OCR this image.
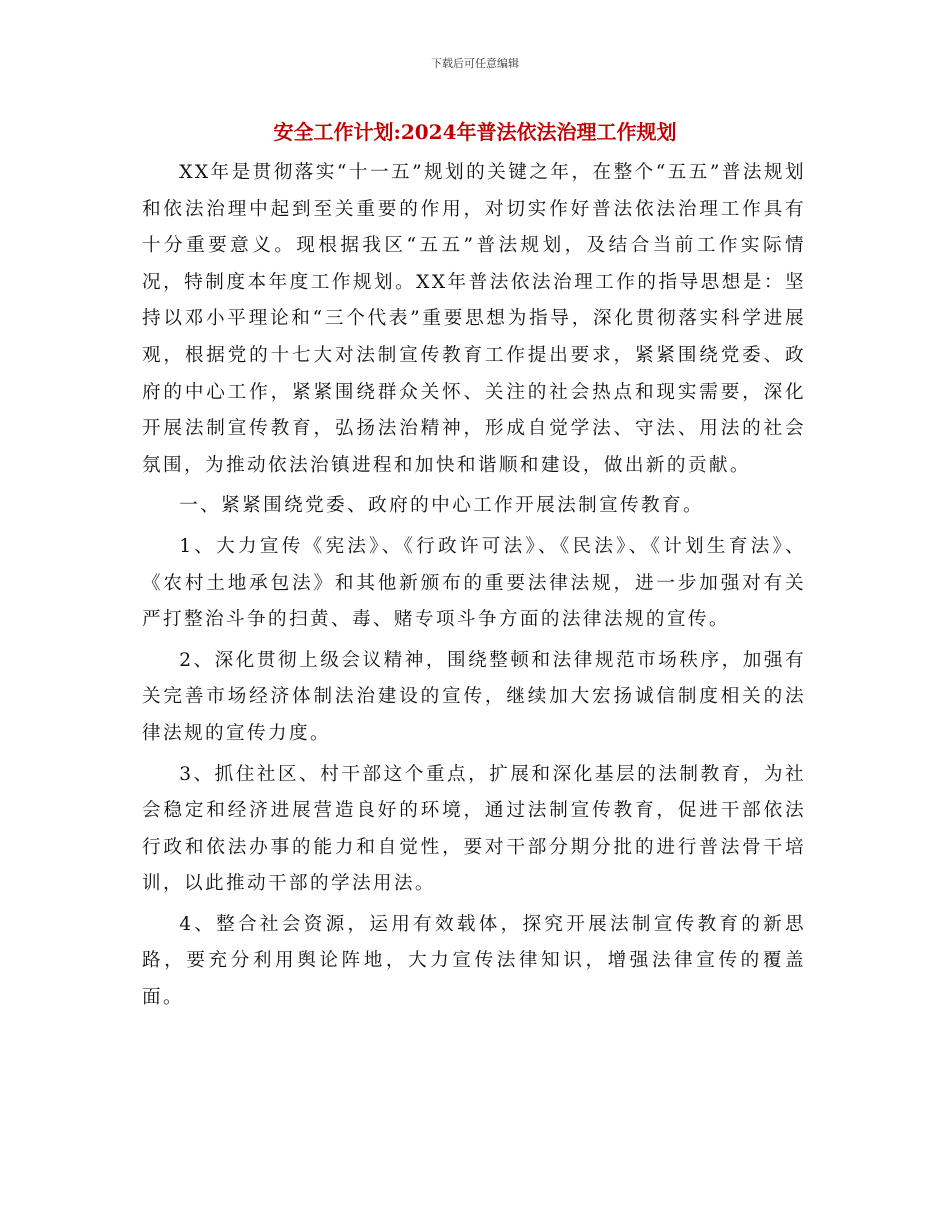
下载后可任意编辑
安全工作计划:2024年普法依法治理工作规划

XX年是贯彻落实“十一五”规划的关键之年，在整个“五五”普法规划和依法治理中起到至关重要的作用，对切实作好普法依法治理工作具有十分重要意义。现根据我区“五五”普法规划，及结合当前工作实际情况，特制度本年度工作规划。XX年普法依法治理工作的指导思想是：坚持以邓小平理论和“三个代表”重要思想为指导，深化贯彻落实科学进展观，根据党的十七大对法制宣传教育工作提出要求，紧紧围绕党委、政府的中心工作，紧紧围绕群众关怀、关注的社会热点和现实需要，深化开展法制宣传教育，弘扬法治精神，形成自觉学法、守法、用法的社会氛围，为推动依法治镇进程和加快和谐顺和建设，做出新的贡献。

一、紧紧围绕党委、政府的中心工作开展法制宣传教育。

1、大力宣传《宪法》、《行政许可法》、《民法》、《计划生育法》、《农村土地承包法》和其他新颁布的重要法律法规，进一步加强对有关严打整治斗争的扫黄、毒、赌专项斗争方面的法律法规的宣传。

2、深化贯彻上级会议精神，围绕整顿和法律规范市场秩序，加强有关完善市场经济体制法治建设的宣传，继续加大宏扬诚信制度相关的法律法规的宣传力度。

3、抓住社区、村干部这个重点，扩展和深化基层的法制教育，为社会稳定和经济进展营造良好的环境，通过法制宣传教育，促进干部依法行政和依法办事的能力和自觉性，要对干部分期分批的进行普法骨干培训，以此推动干部的学法用法。

4、整合社会资源，运用有效载体，探究开展法制宣传教育的新思路，要充分利用舆论阵地，大力宣传法律知识，增强法律宣传的覆盖面。
